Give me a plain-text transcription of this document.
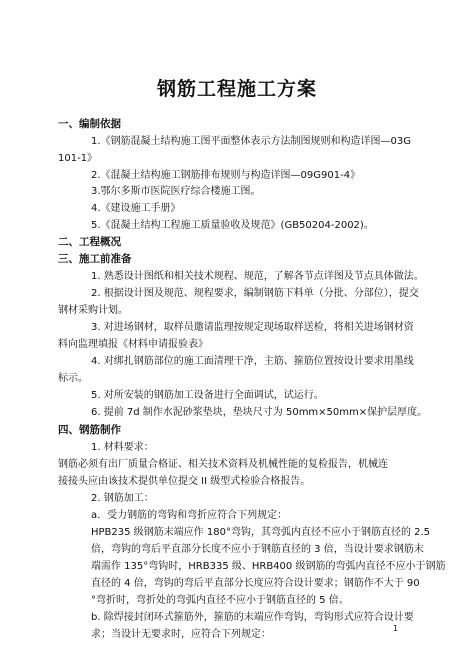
钢筋工程施工方案
一、编制依据
1.《钢筋混凝土结构施工图平面整体表示方法制图规则和构造详图—03G
101-1》
2.《混凝土结构施工钢筋排布规则与构造详图—09G901-4》
3.鄂尔多斯市医院医疗综合楼施工图。
4.《建设施工手册》
5.《混凝土结构工程施工质量验收及规范》(GB50204-2002)。
二、工程概况
三、施工前准备
1. 熟悉设计图纸和相关技术规程、规范，了解各节点详图及节点具体做法。
2. 根据设计图及规范、规程要求，编制钢筋下料单（分批、分部位），提交
钢材采购计划。
3. 对进场钢材，取样员邀请监理按规定现场取样送检，将相关进场钢材资
料向监理填报《材料申请报验表》
4. 对绑扎钢筋部位的施工面清理干净，主筋、箍筋位置按设计要求用墨线
标示。
5. 对所安装的钢筋加工设备进行全面调试，试运行。
6. 提前 7d 制作水泥砂浆垫块，垫块尺寸为 50mm×50mm×保护层厚度。
四、钢筋制作
1. 材料要求：
钢筋必须有出厂质量合格证、相关技术资料及机械性能的复检报告，机械连
接接头应由该技术提供单位提交 II 级型式检验合格报告。
2. 钢筋加工：
a．受力钢筋的弯钩和弯折应符合下列规定：
HPB235 级钢筋末端应作 180°弯钩，其弯弧内直径不应小于钢筋直径的 2.5
倍，弯钩的弯后平直部分长度不应小于钢筋直径的 3 倍，当设计要求钢筋末
端需作 135°弯钩时，HRB335 级、HRB400 级钢筋的弯弧内直径不应小于钢筋
直径的 4 倍，弯钩的弯后平直部分长度应符合设计要求；钢筋作不大于 90
°弯折时，弯折处的弯弧内直径不应小于钢筋直径的 5 倍。
b. 除焊接封闭环式箍筋外，箍筋的末端应作弯钩，弯钩形式应符合设计要
求；当设计无要求时，应符合下列规定：
1
